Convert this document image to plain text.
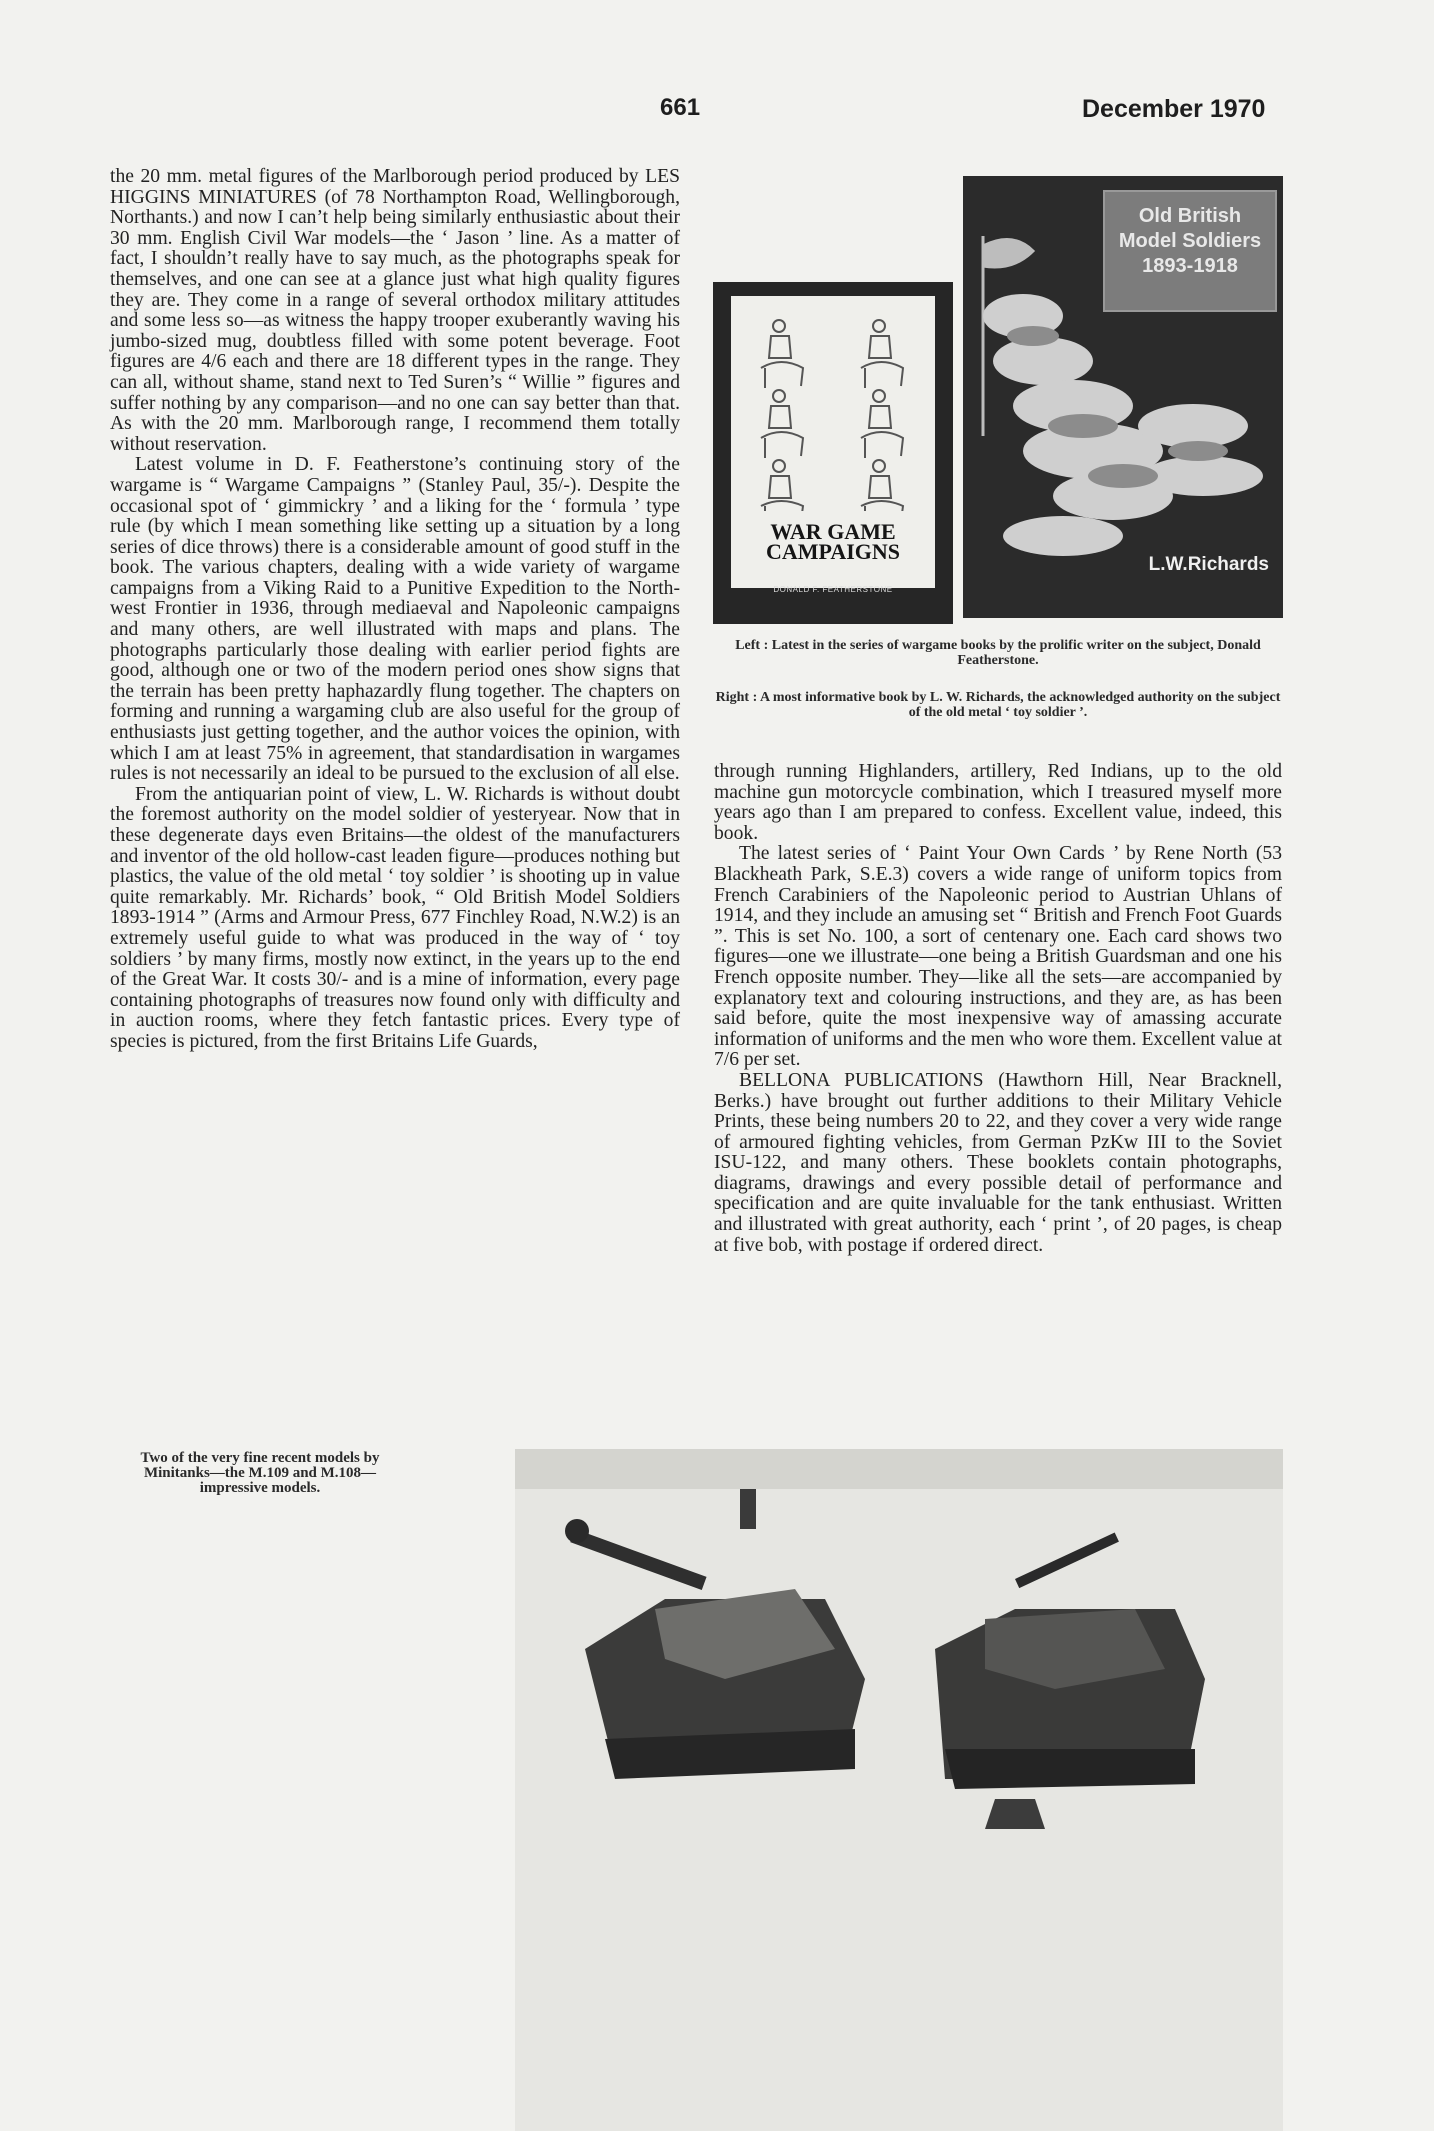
661	December 1970

the 20 mm. metal figures of the Marlborough period produced by LES HIGGINS MINIATURES (of 78 Northampton Road, Wellingborough, Northants.) and now I can’t help being similarly enthusiastic about their 30 mm. English Civil War models—the ‘ Jason ’ line. As a matter of fact, I shouldn’t really have to say much, as the photographs speak for themselves, and one can see at a glance just what high quality figures they are. They come in a range of several orthodox military attitudes and some less so—as witness the happy trooper exuberantly waving his jumbo-sized mug, doubtless filled with some potent beverage. Foot figures are 4/6 each and there are 18 different types in the range. They can all, without shame, stand next to Ted Suren’s “ Willie ” figures and suffer nothing by any comparison—and no one can say better than that. As with the 20 mm. Marlborough range, I recommend them totally without reservation.

Latest volume in D. F. Featherstone’s continuing story of the wargame is “ Wargame Campaigns ” (Stanley Paul, 35/-). Despite the occasional spot of ‘ gimmickry ’ and a liking for the ‘ formula ’ type rule (by which I mean something like setting up a situation by a long series of dice throws) there is a considerable amount of good stuff in the book. The various chapters, dealing with a wide variety of wargame campaigns from a Viking Raid to a Punitive Expedition to the North-west Frontier in 1936, through mediaeval and Napoleonic campaigns and many others, are well illustrated with maps and plans. The photographs particularly those dealing with earlier period fights are good, although one or two of the modern period ones show signs that the terrain has been pretty haphazardly flung together. The chapters on forming and running a wargaming club are also useful for the group of enthusiasts just getting together, and the author voices the opinion, with which I am at least 75% in agreement, that standardisation in wargames rules is not necessarily an ideal to be pursued to the exclusion of all else.

From the antiquarian point of view, L. W. Richards is without doubt the foremost authority on the model soldier of yesteryear. Now that in these degenerate days even Britains—the oldest of the manufacturers and inventor of the old hollow-cast leaden figure—produces nothing but plastics, the value of the old metal ‘ toy soldier ’ is shooting up in value quite remarkably. Mr. Richards’ book, “ Old British Model Soldiers 1893-1914 ” (Arms and Armour Press, 677 Finchley Road, N.W.2) is an extremely useful guide to what was produced in the way of ‘ toy soldiers ’ by many firms, mostly now extinct, in the years up to the end of the Great War. It costs 30/- and is a mine of information, every page containing photographs of treasures now found only with difficulty and in auction rooms, where they fetch fantastic prices. Every type of species is pictured, from the first Britains Life Guards,

through running Highlanders, artillery, Red Indians, up to the old machine gun motorcycle combination, which I treasured myself more years ago than I am prepared to confess. Excellent value, indeed, this book.

The latest series of ‘ Paint Your Own Cards ’ by Rene North (53 Blackheath Park, S.E.3) covers a wide range of uniform topics from French Carabiniers of the Napoleonic period to Austrian Uhlans of 1914, and they include an amusing set “ British and French Foot Guards ”. This is set No. 100, a sort of centenary one. Each card shows two figures—one we illustrate—one being a British Guardsman and one his French opposite number. They—like all the sets—are accompanied by explanatory text and colouring instructions, and they are, as has been said before, quite the most inexpensive way of amassing accurate information of uniforms and the men who wore them. Excellent value at 7/6 per set.

BELLONA PUBLICATIONS (Hawthorn Hill, Near Bracknell, Berks.) have brought out further additions to their Military Vehicle Prints, these being numbers 20 to 22, and they cover a very wide range of armoured fighting vehicles, from German PzKw III to the Soviet ISU-122, and many others. These booklets contain photographs, diagrams, drawings and every possible detail of performance and specification and are quite invaluable for the tank enthusiast. Written and illustrated with great authority, each ‘ print ’, of 20 pages, is cheap at five bob, with postage if ordered direct.

WAR GAME
CAMPAIGNS
DONALD F. FEATHERSTONE
Old British
Model Soldiers
1893-1918
L.W.Richards
Left : Latest in the series of wargame books by the prolific writer on the subject, Donald Featherstone.
Right : A most informative book by L. W. Richards, the acknowledged authority on the subject of the old metal ‘ toy soldier ’.
Two of the very fine recent models by Minitanks—the M.109 and M.108—impressive models.
